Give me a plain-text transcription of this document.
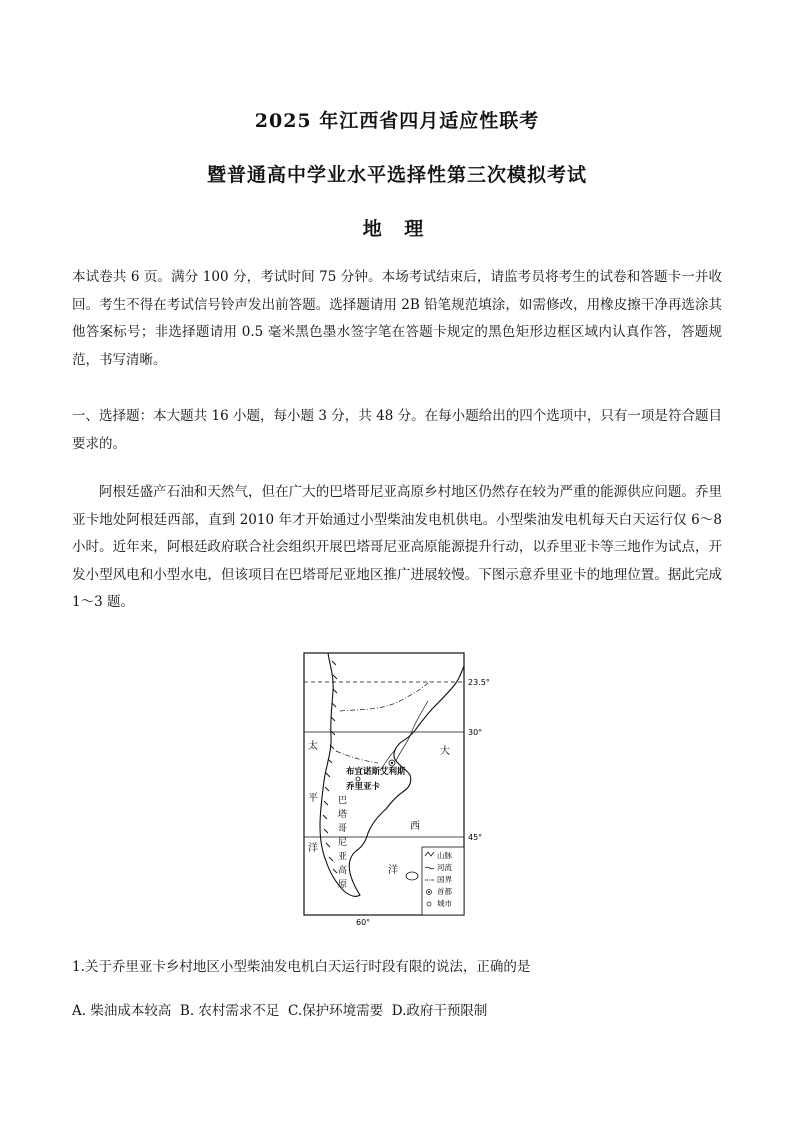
2025 年江西省四月适应性联考
暨普通高中学业水平选择性第三次模拟考试
地 理

本试卷共 6 页。满分 100 分，考试时间 75 分钟。本场考试结束后，请监考员将考生的试卷和答题卡一并收回。考生不得在考试信号铃声发出前答题。选择题请用 2B 铅笔规范填涂，如需修改，用橡皮擦干净再选涂其他答案标号；非选择题请用 0.5 毫米黑色墨水签字笔在答题卡规定的黑色矩形边框区域内认真作答，答题规范，书写清晰。

一、选择题：本大题共 16 小题，每小题 3 分，共 48 分。在每小题给出的四个选项中，只有一项是符合题目要求的。

阿根廷盛产石油和天然气，但在广大的巴塔哥尼亚高原乡村地区仍然存在较为严重的能源供应问题。乔里亚卡地处阿根廷西部，直到 2010 年才开始通过小型柴油发电机供电。小型柴油发电机每天白天运行仅 6～8 小时。近年来，阿根廷政府联合社会组织开展巴塔哥尼亚高原能源提升行动，以乔里亚卡等三地作为试点，开发小型风电和小型水电，但该项目在巴塔哥尼亚地区推广进展较慢。下图示意乔里亚卡的地理位置。据此完成 1～3 题。

23.5°
30°
45°
60°
布宜诺斯艾利斯
乔里亚卡
太
平
洋
大
西
洋
巴
塔
哥
尼
亚
高
原
山脉
河流
国界
首都
城市

1.关于乔里亚卡乡村地区小型柴油发电机白天运行时段有限的说法，正确的是

A. 柴油成本较高  B. 农村需求不足  C.保护环境需要  D.政府干预限制
